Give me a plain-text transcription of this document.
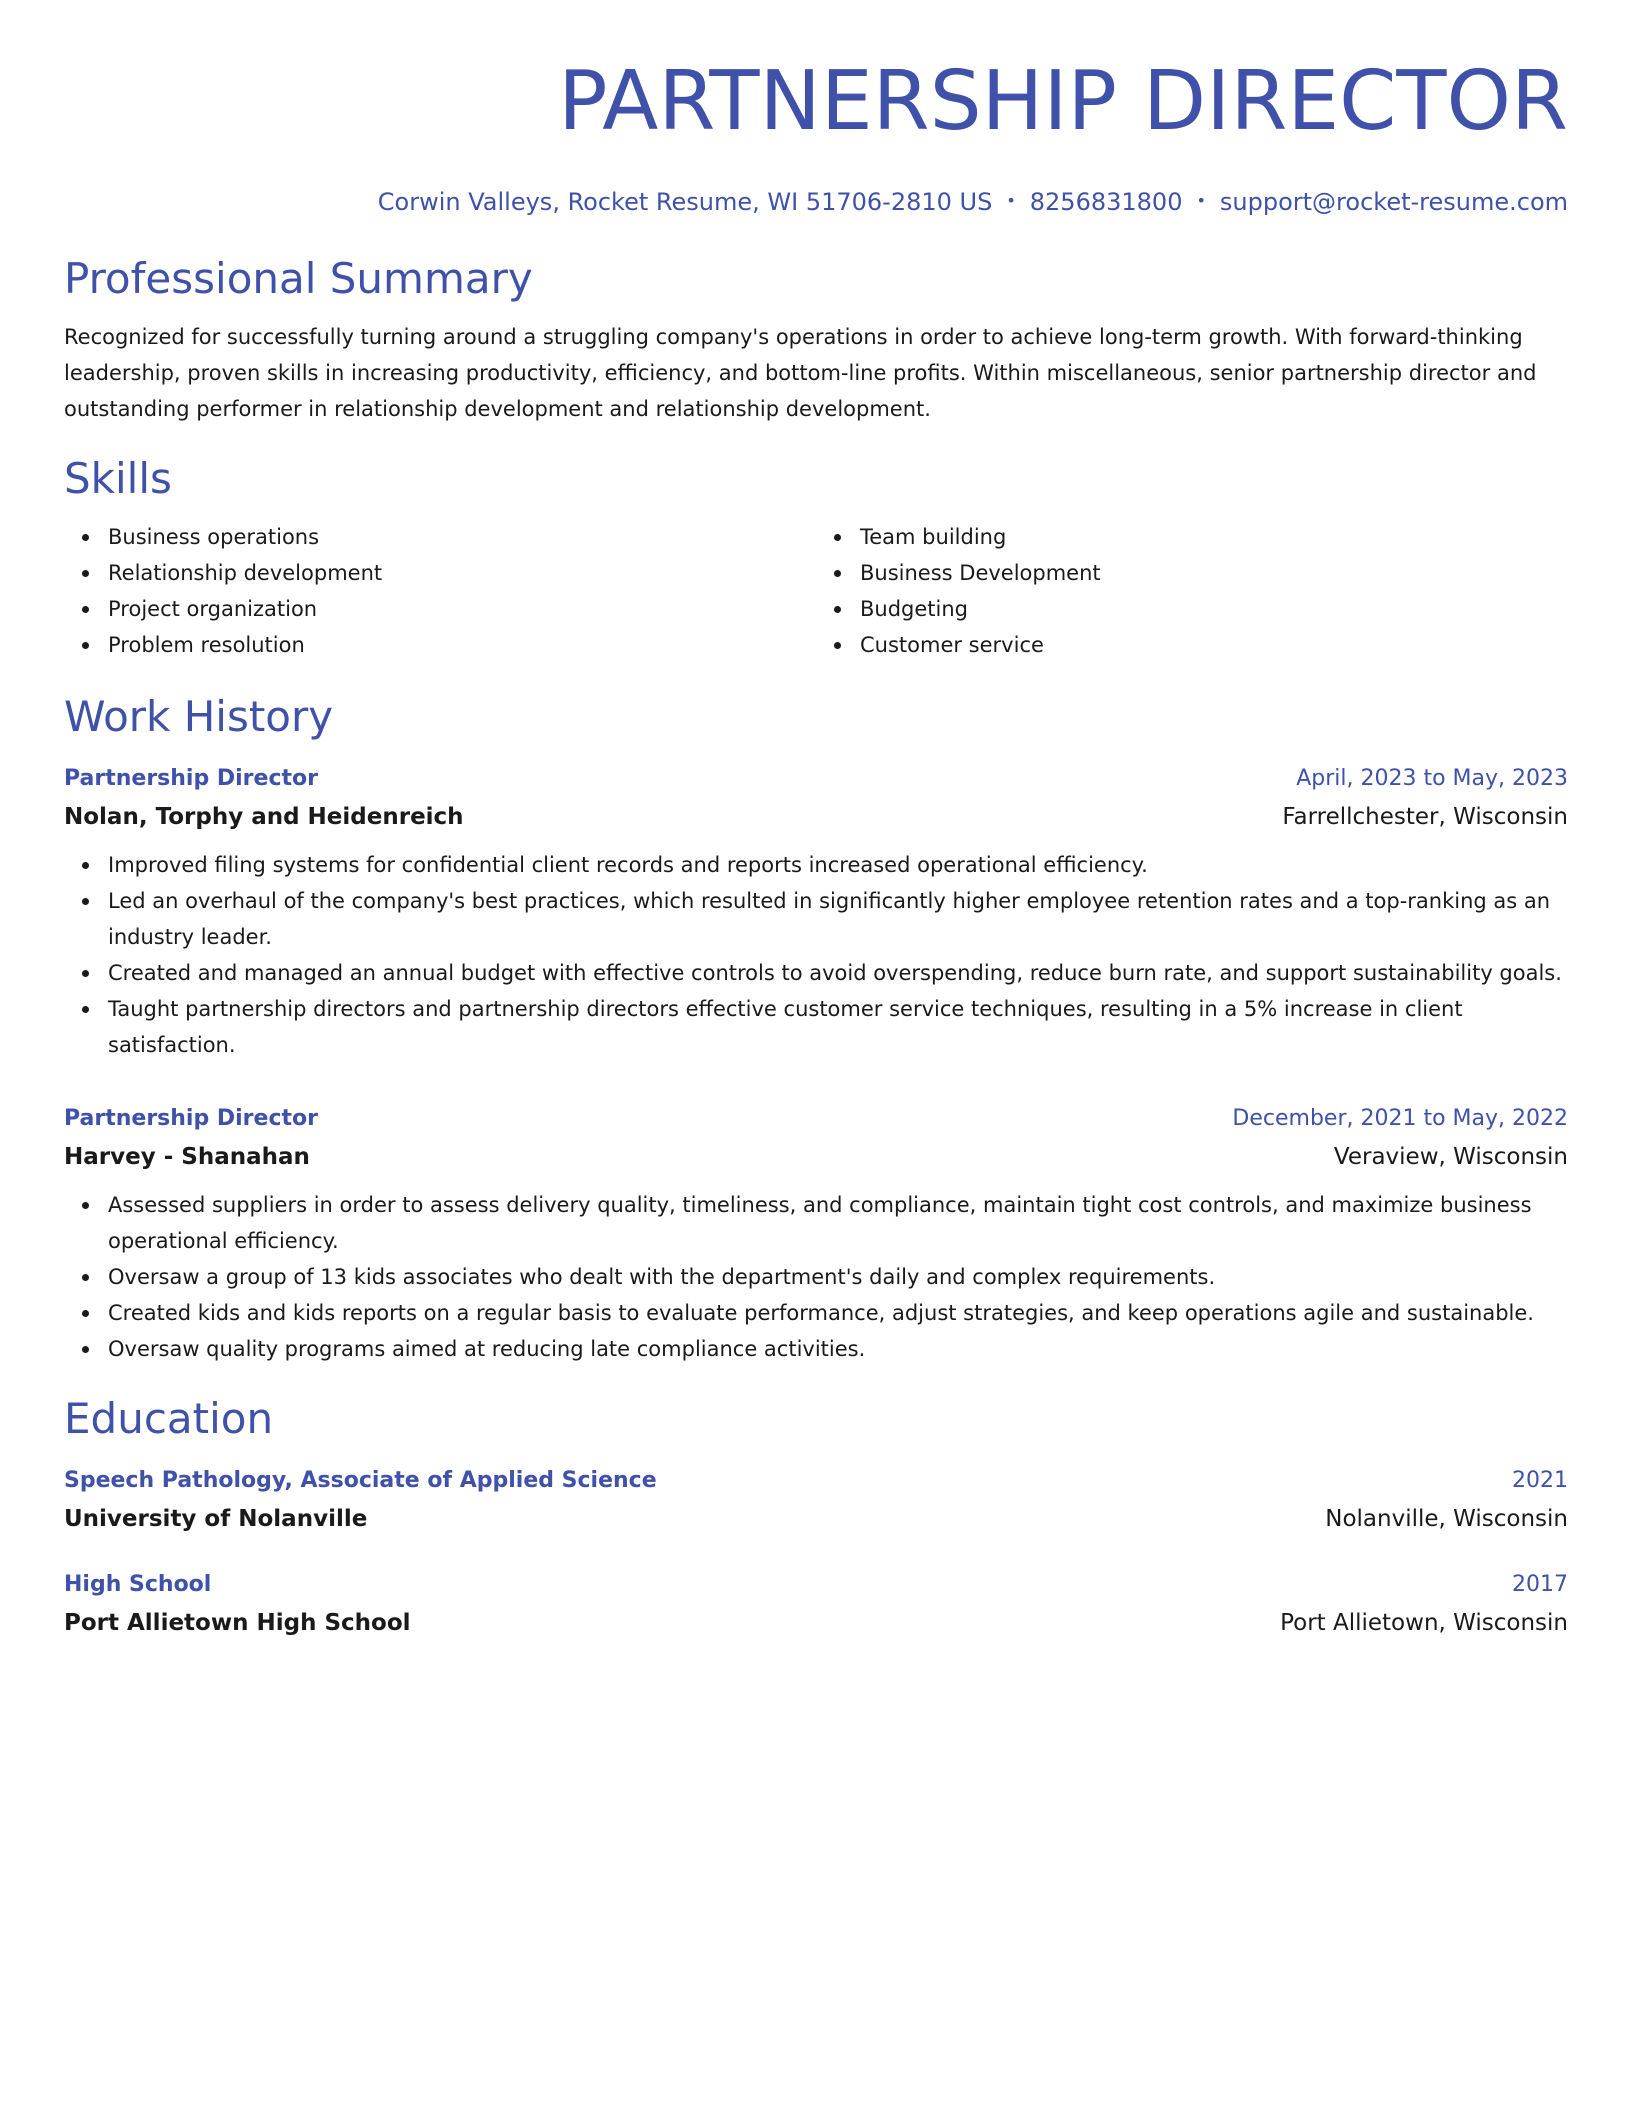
PARTNERSHIP DIRECTOR
Corwin Valleys, Rocket Resume, WI 51706-2810 US • 8256831800 • support@rocket-resume.com
Professional Summary

Recognized for successfully turning around a struggling company's operations in order to achieve long-term growth. With forward-thinking leadership, proven skills in increasing productivity, efficiency, and bottom-line profits. Within miscellaneous, senior partnership director and outstanding performer in relationship development and relationship development.

Skills
Business operations
Relationship development
Project organization
Problem resolution
Team building
Business Development
Budgeting
Customer service
Work History
Partnership Director	April, 2023 to May, 2023
Nolan, Torphy and Heidenreich	Farrellchester, Wisconsin
Improved filing systems for confidential client records and reports increased operational efficiency.
Led an overhaul of the company's best practices, which resulted in significantly higher employee retention rates and a top-ranking as an industry leader.
Created and managed an annual budget with effective controls to avoid overspending, reduce burn rate, and support sustainability goals.
Taught partnership directors and partnership directors effective customer service techniques, resulting in a 5% increase in client satisfaction.
Partnership Director	December, 2021 to May, 2022
Harvey - Shanahan	Veraview, Wisconsin
Assessed suppliers in order to assess delivery quality, timeliness, and compliance, maintain tight cost controls, and maximize business operational efficiency.
Oversaw a group of 13 kids associates who dealt with the department's daily and complex requirements.
Created kids and kids reports on a regular basis to evaluate performance, adjust strategies, and keep operations agile and sustainable.
Oversaw quality programs aimed at reducing late compliance activities.
Education
Speech Pathology, Associate of Applied Science	2021
University of Nolanville	Nolanville, Wisconsin
High School	2017
Port Allietown High School	Port Allietown, Wisconsin
